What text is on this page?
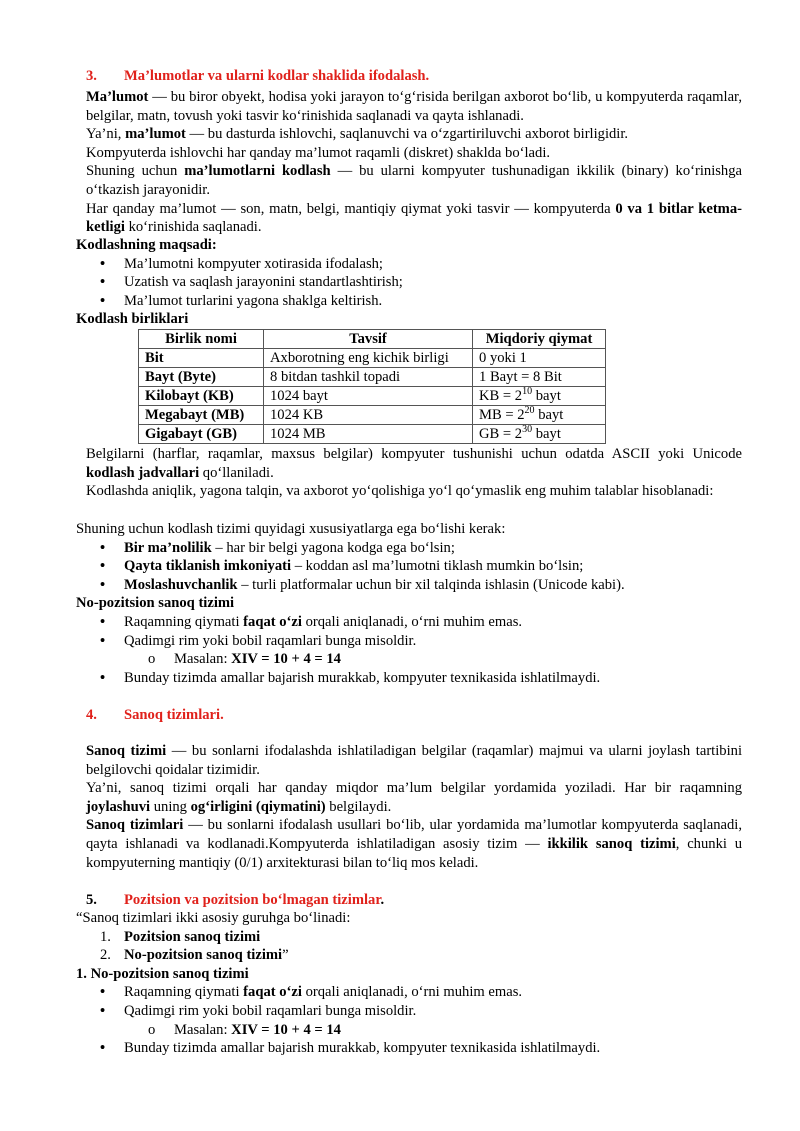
3. Ma’lumotlar va ularni kodlar shaklida ifodalash.

Ma’lumot — bu biror obyekt, hodisa yoki jarayon to‘g‘risida berilgan axborot bo‘lib, u kompyuterda raqamlar, belgilar, matn, tovush yoki tasvir ko‘rinishida saqlanadi va qayta ishlanadi.

Ya’ni, ma’lumot — bu dasturda ishlovchi, saqlanuvchi va o‘zgartiriluvchi axborot birligidir.

Kompyuterda ishlovchi har qanday ma’lumot raqamli (diskret) shaklda bo‘ladi.

Shuning uchun ma’lumotlarni kodlash — bu ularni kompyuter tushunadigan ikkilik (binary) ko‘rinishga o‘tkazish jarayonidir.

Har qanday ma’lumot — son, matn, belgi, mantiqiy qiymat yoki tasvir — kompyuterda 0 va 1 bitlar ketma-ketligi ko‘rinishida saqlanadi.

Kodlashning maqsadi:
• Ma’lumotni kompyuter xotirasida ifodalash;
• Uzatish va saqlash jarayonini standartlashtirish;
• Ma’lumot turlarini yagona shaklga keltirish.
Kodlash birliklari
Birlik nomi	Tavsif	Miqdoriy qiymat
Bit	Axborotning eng kichik birligi	0 yoki 1
Bayt (Byte)	8 bitdan tashkil topadi	1 Bayt = 8 Bit
Kilobayt (KB)	1024 bayt	KB = $2^{10}$ bayt
Megabayt (MB)	1024 KB	MB = $2^{20}$ bayt
Gigabayt (GB)	1024 MB	GB = $2^{30}$ bayt

Belgilarni (harflar, raqamlar, maxsus belgilar) kompyuter tushunishi uchun odatda ASCII yoki Unicode kodlash jadvallari qo‘llaniladi.

Kodlashda aniqlik, yagona talqin, va axborot yo‘qolishiga yo‘l qo‘ymaslik eng muhim talablar hisoblanadi:

Shuning uchun kodlash tizimi quyidagi xususiyatlarga ega bo‘lishi kerak:

• Bir ma’nolilik – har bir belgi yagona kodga ega bo‘lsin;
• Qayta tiklanish imkoniyati – koddan asl ma’lumotni tiklash mumkin bo‘lsin;
• Moslashuvchanlik – turli platformalar uchun bir xil talqinda ishlasin (Unicode kabi).
No-pozitsion sanoq tizimi
• Raqamning qiymati faqat o‘zi orqali aniqlanadi, o‘rni muhim emas.
• Qadimgi rim yoki bobil raqamlari bunga misoldir.
o Masalan: XIV = 10 + 4 = 14
• Bunday tizimda amallar bajarish murakkab, kompyuter texnikasida ishlatilmaydi.
4. Sanoq tizimlari.

Sanoq tizimi — bu sonlarni ifodalashda ishlatiladigan belgilar (raqamlar) majmui va ularni joylash tartibini belgilovchi qoidalar tizimidir.

Ya’ni, sanoq tizimi orqali har qanday miqdor ma’lum belgilar yordamida yoziladi. Har bir raqamning joylashuvi uning og‘irligini (qiymatini) belgilaydi.

Sanoq tizimlari — bu sonlarni ifodalash usullari bo‘lib, ular yordamida ma’lumotlar kompyuterda saqlanadi, qayta ishlanadi va kodlanadi.Kompyuterda ishlatiladigan asosiy tizim — ikkilik sanoq tizimi, chunki u kompyuterning mantiqiy (0/1) arxitekturasi bilan to‘liq mos keladi.

5. Pozitsion va pozitsion bo‘lmagan tizimlar.

“Sanoq tizimlari ikki asosiy guruhga bo‘linadi:

1. Pozitsion sanoq tizimi
2. No-pozitsion sanoq tizimi”
1. No-pozitsion sanoq tizimi
• Raqamning qiymati faqat o‘zi orqali aniqlanadi, o‘rni muhim emas.
• Qadimgi rim yoki bobil raqamlari bunga misoldir.
o Masalan: XIV = 10 + 4 = 14
• Bunday tizimda amallar bajarish murakkab, kompyuter texnikasida ishlatilmaydi.
